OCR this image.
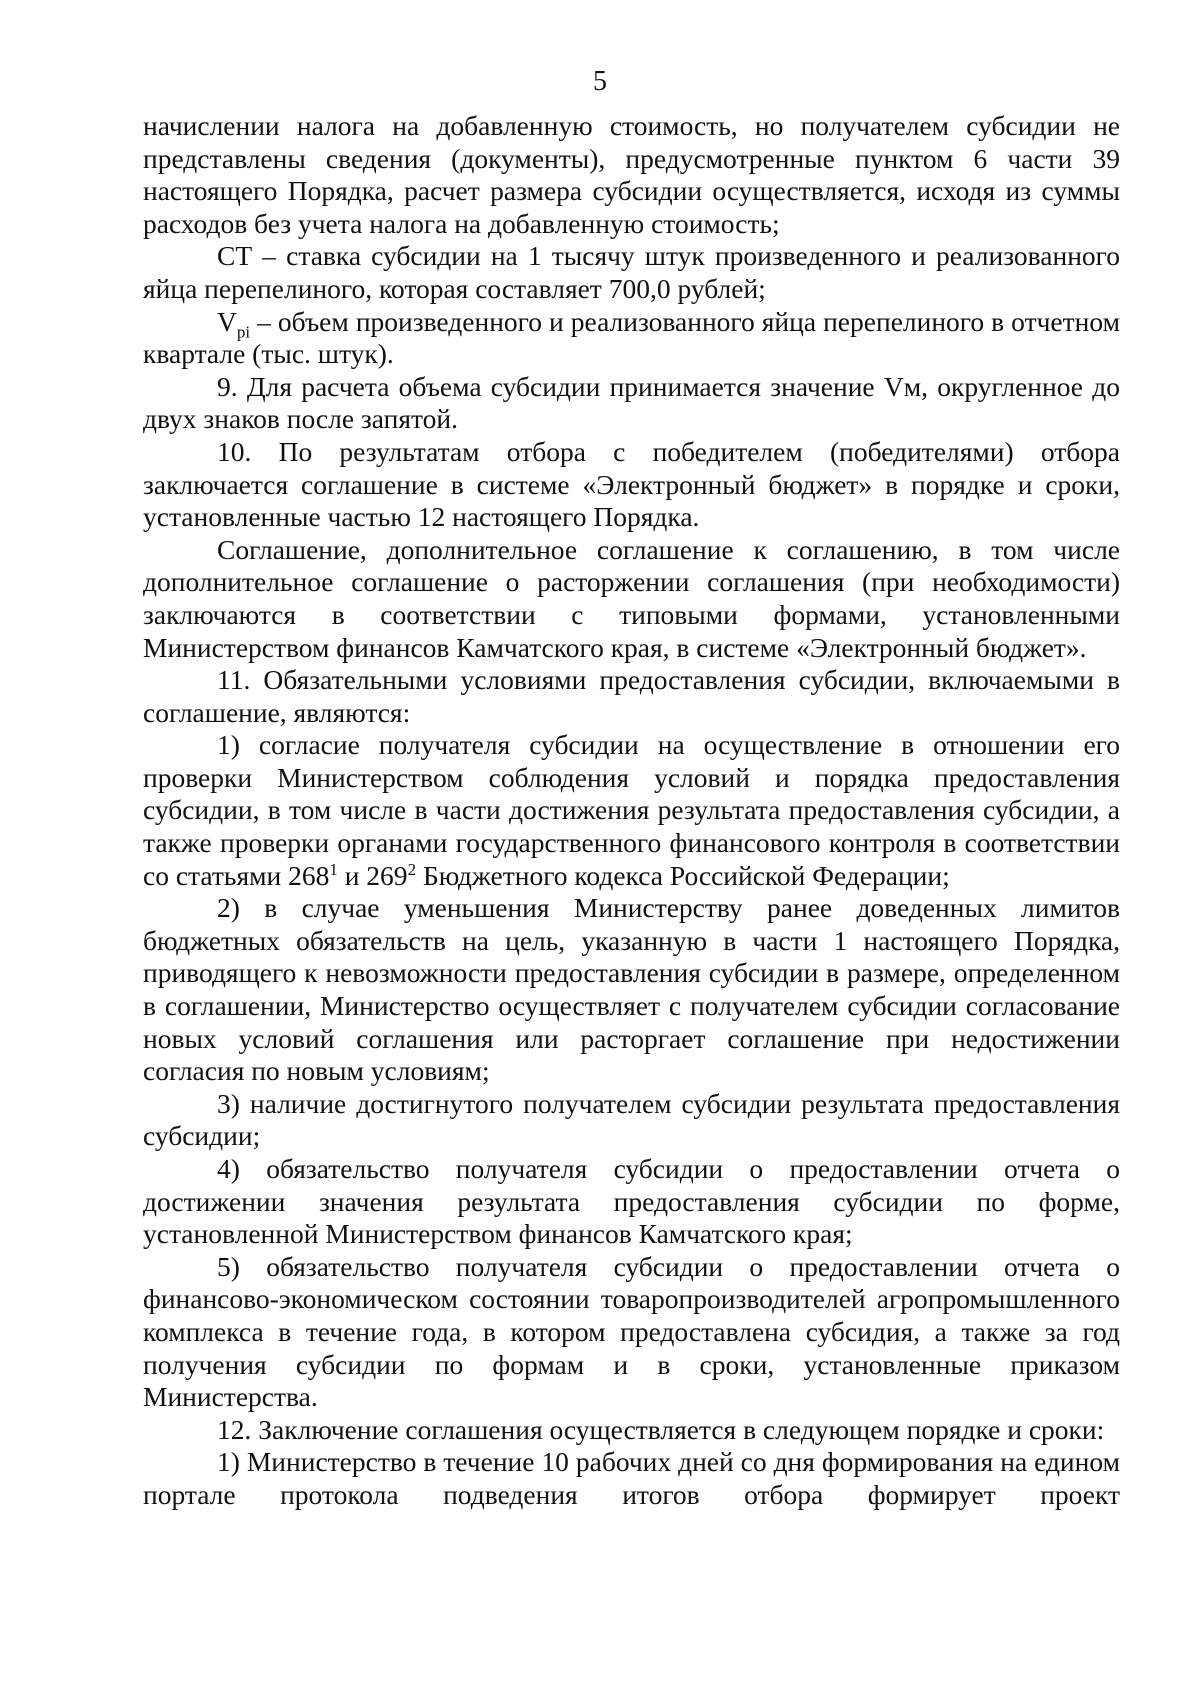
5

начислении налога на добавленную стоимость, но получателем субсидии не представлены сведения (документы), предусмотренные пунктом 6 части 39 настоящего Порядка, расчет размера субсидии осуществляется, исходя из суммы расходов без учета налога на добавленную стоимость;

СТ – ставка субсидии на 1 тысячу штук произведенного и реализованного яйца перепелиного, которая составляет 700,0 рублей;

$V_{pi}$ – объем произведенного и реализованного яйца перепелиного в отчетном квартале (тыс. штук).

9. Для расчета объема субсидии принимается значение Vм, округленное до двух знаков после запятой.

10. По результатам отбора с победителем (победителями) отбора заключается соглашение в системе «Электронный бюджет» в порядке и сроки, установленные частью 12 настоящего Порядка.

Соглашение, дополнительное соглашение к соглашению, в том числе дополнительное соглашение о расторжении соглашения (при необходимости) заключаются в соответствии с типовыми формами, установленными Министерством финансов Камчатского края, в системе «Электронный бюджет».

11. Обязательными условиями предоставления субсидии, включаемыми в соглашение, являются:

1) согласие получателя субсидии на осуществление в отношении его проверки Министерством соблюдения условий и порядка предоставления субсидии, в том числе в части достижения результата предоставления субсидии, а также проверки органами государственного финансового контроля в соответствии со статьями $268^1$ и $269^2$ Бюджетного кодекса Российской Федерации;

2) в случае уменьшения Министерству ранее доведенных лимитов бюджетных обязательств на цель, указанную в части 1 настоящего Порядка, приводящего к невозможности предоставления субсидии в размере, определенном в соглашении, Министерство осуществляет с получателем субсидии согласование новых условий соглашения или расторгает соглашение при недостижении согласия по новым условиям;

3) наличие достигнутого получателем субсидии результата предоставления субсидии;

4) обязательство получателя субсидии о предоставлении отчета о достижении значения результата предоставления субсидии по форме, установленной Министерством финансов Камчатского края;

5) обязательство получателя субсидии о предоставлении отчета о финансово-экономическом состоянии товаропроизводителей агропромышленного комплекса в течение года, в котором предоставлена субсидия, а также за год получения субсидии по формам и в сроки, установленные приказом Министерства.

12. Заключение соглашения осуществляется в следующем порядке и сроки:

1) Министерство в течение 10 рабочих дней со дня формирования на едином портале протокола подведения итогов отбора формирует проект
